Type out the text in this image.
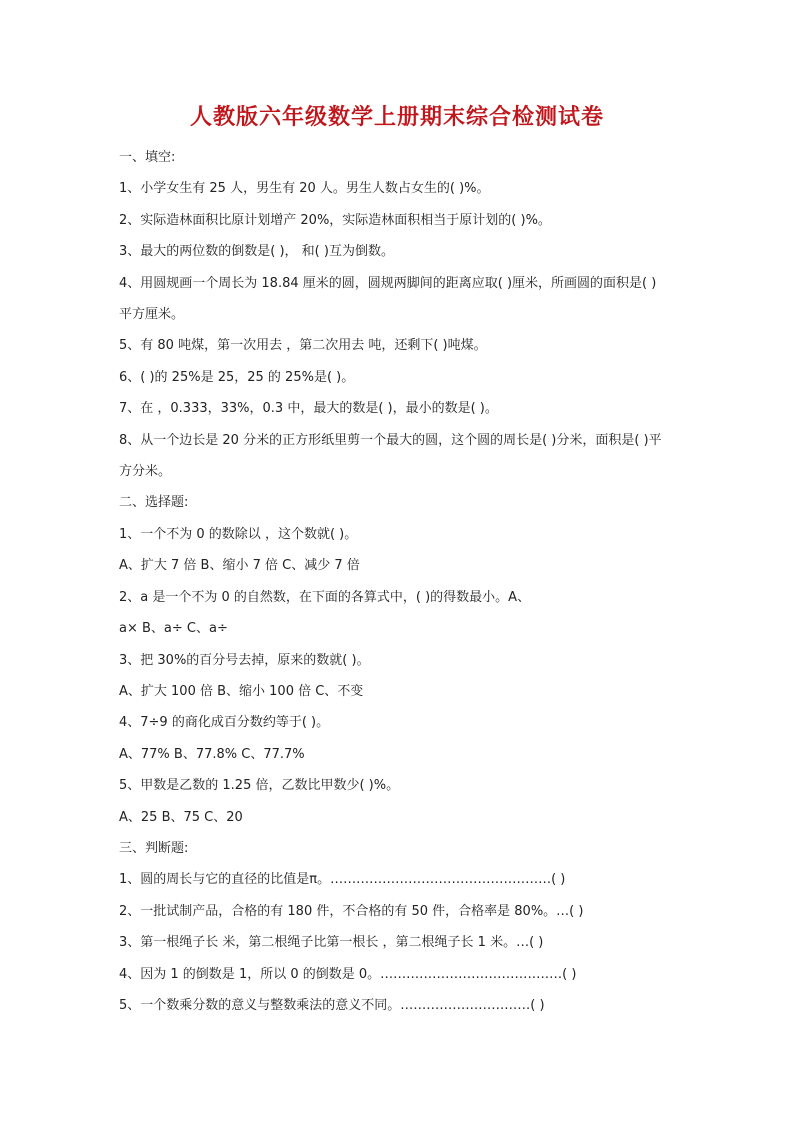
人教版六年级数学上册期末综合检测试卷
一、填空:
1、小学女生有 25 人，男生有 20 人。男生人数占女生的( )%。
2、实际造林面积比原计划增产 20%，实际造林面积相当于原计划的( )%。
3、最大的两位数的倒数是( )， 和( )互为倒数。
4、用圆规画一个周长为 18.84 厘米的圆，圆规两脚间的距离应取( )厘米，所画圆的面积是( )
平方厘米。
5、有 80 吨煤，第一次用去 ，第二次用去 吨，还剩下( )吨煤。
6、( )的 25%是 25，25 的 25%是( )。
7、在 ，0.333，33%，0.3 中，最大的数是( )，最小的数是( )。
8、从一个边长是 20 分米的正方形纸里剪一个最大的圆，这个圆的周长是( )分米，面积是( )平
方分米。
二、选择题:
1、一个不为 0 的数除以 ，这个数就( )。
A、扩大 7 倍 B、缩小 7 倍 C、减少 7 倍
2、a 是一个不为 0 的自然数，在下面的各算式中，( )的得数最小。A、
a× B、a÷ C、a÷
3、把 30%的百分号去掉，原来的数就( )。
A、扩大 100 倍 B、缩小 100 倍 C、不变
4、7÷9 的商化成百分数约等于( )。
A、77% B、77.8% C、77.7%
5、甲数是乙数的 1.25 倍，乙数比甲数少( )%。
A、25 B、75 C、20
三、判断题:
1、圆的周长与它的直径的比值是π。……………………………………………( )
2、一批试制产品，合格的有 180 件，不合格的有 50 件，合格率是 80%。…( )
3、第一根绳子长 米，第二根绳子比第一根长 ，第二根绳子长 1 米。…( )
4、因为 1 的倒数是 1，所以 0 的倒数是 0。……………………………………( )
5、一个数乘分数的意义与整数乘法的意义不同。…………………………( )
